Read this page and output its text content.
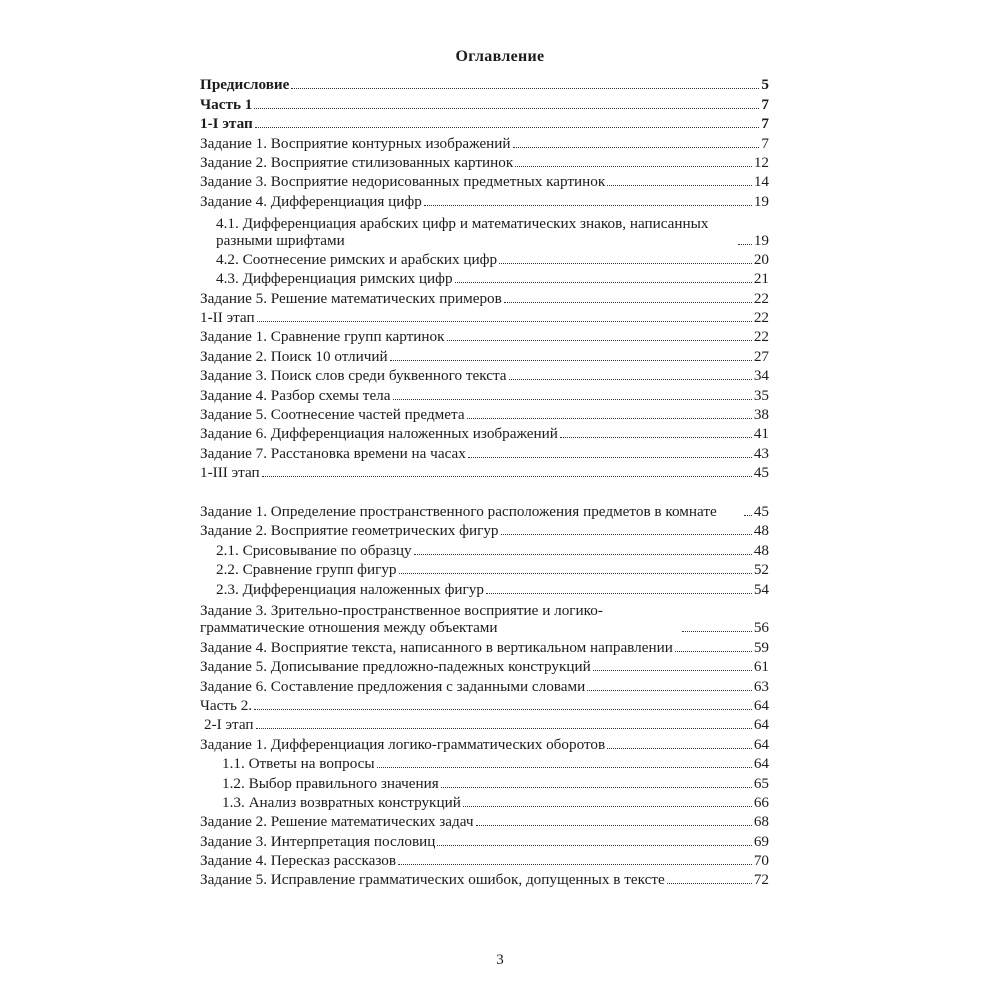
Оглавление
Предисловие	5
Часть 1	7
1-I этап	7
Задание 1. Восприятие контурных изображений	7
Задание 2. Восприятие стилизованных картинок	12
Задание 3. Восприятие недорисованных предметных картинок	14
Задание 4. Дифференциация цифр	19
4.1. Дифференциация арабских цифр и математических знаков, написанных разными шрифтами	19
4.2. Соотнесение римских и арабских цифр	20
4.3. Дифференциация римских цифр	21
Задание 5. Решение математических примеров	22
1-II этап	22
Задание 1. Сравнение групп картинок	22
Задание 2. Поиск 10 отличий	27
Задание 3. Поиск слов среди буквенного текста	34
Задание 4. Разбор схемы тела	35
Задание 5. Соотнесение частей предмета	38
Задание 6. Дифференциация наложенных изображений	41
Задание 7. Расстановка времени на часах	43
1-III этап	45
Задание 1. Определение пространственного расположения предметов в комнате	45
Задание 2. Восприятие геометрических фигур	48
2.1. Срисовывание по образцу	48
2.2. Сравнение групп фигур	52
2.3. Дифференциация наложенных фигур	54
Задание 3. Зрительно-пространственное восприятие и логико-грамматические отношения между объектами	56
Задание 4. Восприятие текста, написанного в вертикальном направлении	59
Задание 5. Дописывание предложно-падежных конструкций	61
Задание 6. Составление предложения с заданными словами	63
Часть 2.	64
2-I этап	64
Задание 1. Дифференциация логико-грамматических оборотов	64
1.1. Ответы на вопросы	64
1.2. Выбор правильного значения	65
1.3. Анализ возвратных конструкций	66
Задание 2. Решение математических задач	68
Задание 3. Интерпретация пословиц	69
Задание 4. Пересказ рассказов	70
Задание 5. Исправление грамматических ошибок, допущенных в тексте	72
3
